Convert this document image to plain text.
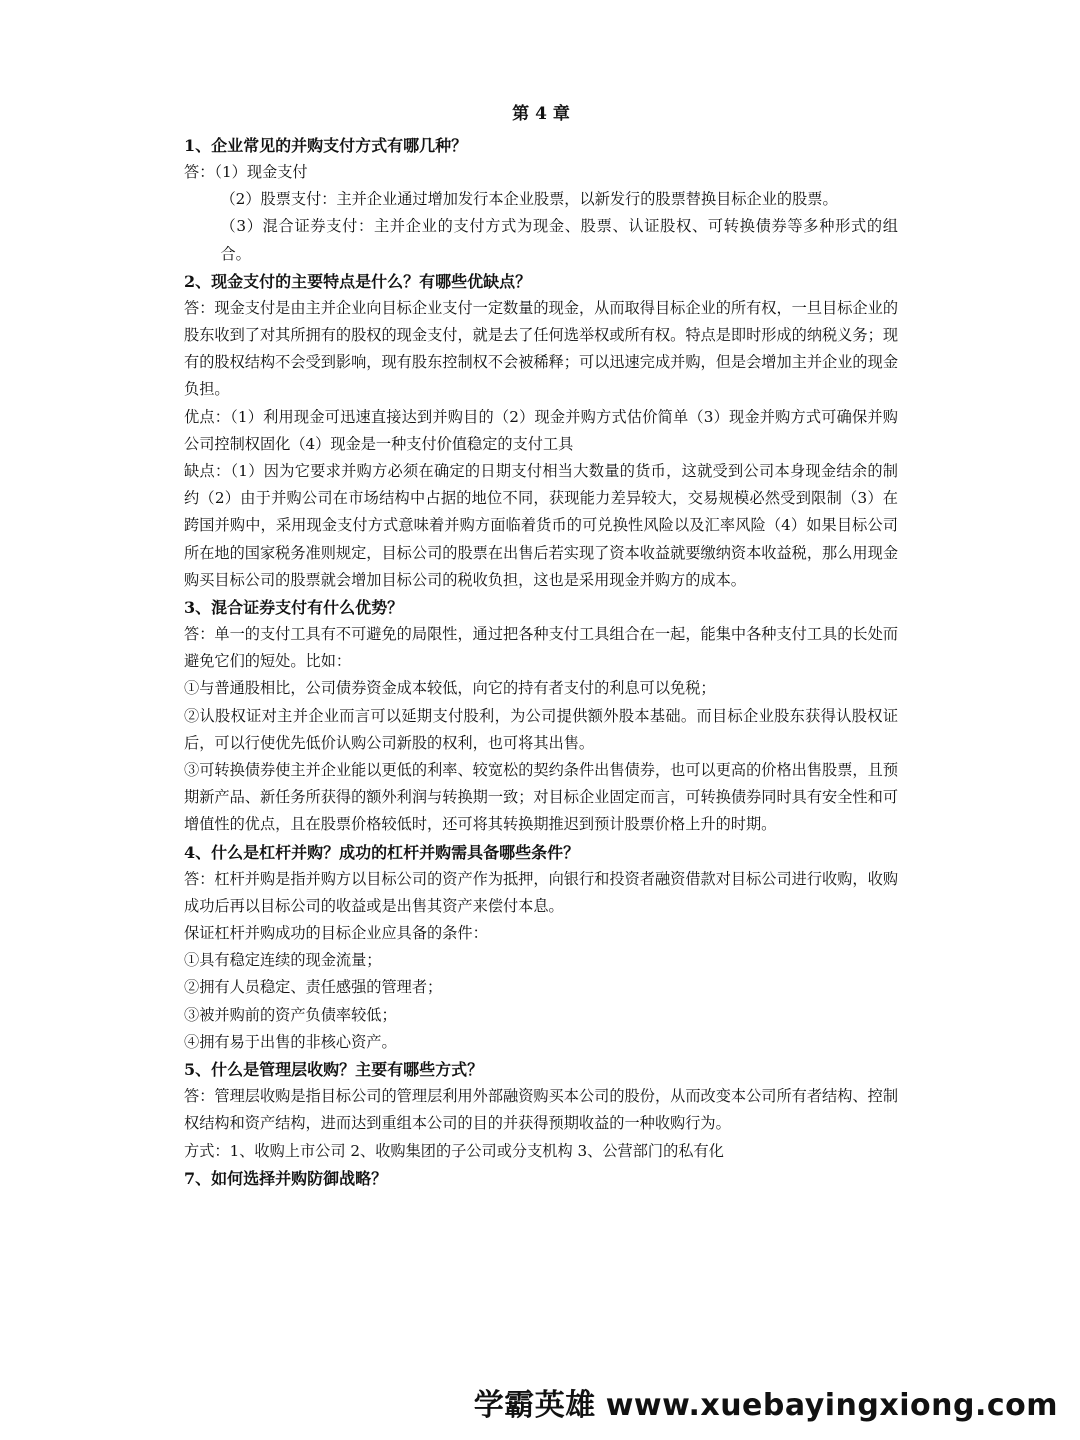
第 4 章

1、企业常见的并购支付方式有哪几种？

答：（1）现金支付

（2）股票支付：主并企业通过增加发行本企业股票，以新发行的股票替换目标企业的股票。

（3）混合证券支付：主并企业的支付方式为现金、股票、认证股权、可转换债券等多种形式的组合。

2、现金支付的主要特点是什么？有哪些优缺点？

答：现金支付是由主并企业向目标企业支付一定数量的现金，从而取得目标企业的所有权，一旦目标企业的股东收到了对其所拥有的股权的现金支付，就是去了任何选举权或所有权。特点是即时形成的纳税义务；现有的股权结构不会受到影响，现有股东控制权不会被稀释；可以迅速完成并购，但是会增加主并企业的现金负担。

优点：（1）利用现金可迅速直接达到并购目的（2）现金并购方式估价简单（3）现金并购方式可确保并购公司控制权固化（4）现金是一种支付价值稳定的支付工具

缺点：（1）因为它要求并购方必须在确定的日期支付相当大数量的货币，这就受到公司本身现金结余的制约（2）由于并购公司在市场结构中占据的地位不同，获现能力差异较大，交易规模必然受到限制（3）在跨国并购中，采用现金支付方式意味着并购方面临着货币的可兑换性风险以及汇率风险（4）如果目标公司所在地的国家税务准则规定，目标公司的股票在出售后若实现了资本收益就要缴纳资本收益税，那么用现金购买目标公司的股票就会增加目标公司的税收负担，这也是采用现金并购方的成本。

3、混合证券支付有什么优势？

答：单一的支付工具有不可避免的局限性，通过把各种支付工具组合在一起，能集中各种支付工具的长处而避免它们的短处。比如：

①与普通股相比，公司债券资金成本较低，向它的持有者支付的利息可以免税；

②认股权证对主并企业而言可以延期支付股利，为公司提供额外股本基础。而目标企业股东获得认股权证后，可以行使优先低价认购公司新股的权利，也可将其出售。

③可转换债券使主并企业能以更低的利率、较宽松的契约条件出售债券，也可以更高的价格出售股票，且预期新产品、新任务所获得的额外利润与转换期一致；对目标企业固定而言，可转换债券同时具有安全性和可增值性的优点，且在股票价格较低时，还可将其转换期推迟到预计股票价格上升的时期。

4、什么是杠杆并购？成功的杠杆并购需具备哪些条件？

答：杠杆并购是指并购方以目标公司的资产作为抵押，向银行和投资者融资借款对目标公司进行收购，收购成功后再以目标公司的收益或是出售其资产来偿付本息。

保证杠杆并购成功的目标企业应具备的条件：

①具有稳定连续的现金流量；

②拥有人员稳定、责任感强的管理者；

③被并购前的资产负债率较低；

④拥有易于出售的非核心资产。

5、什么是管理层收购？主要有哪些方式？

答：管理层收购是指目标公司的管理层利用外部融资购买本公司的股份，从而改变本公司所有者结构、控制权结构和资产结构，进而达到重组本公司的目的并获得预期收益的一种收购行为。

方式：1、收购上市公司 2、收购集团的子公司或分支机构 3、公营部门的私有化

7、如何选择并购防御战略？

学霸英雄 www.xuebayingxiong.com
